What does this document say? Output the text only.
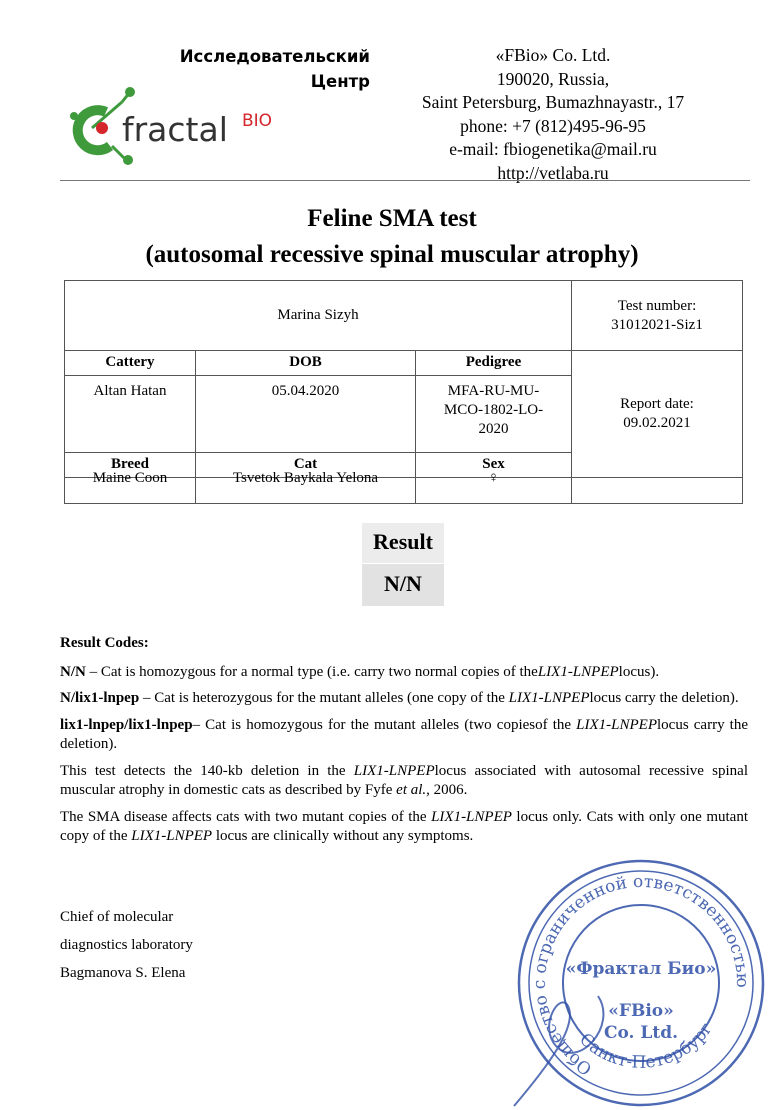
Исследовательский
Центр
fractal BIO
«FBio» Co. Ltd.
190020, Russia,
Saint Petersburg, Bumazhnayastr., 17
phone: +7 (812)495-96-95
e-mail: fbiogenetika@mail.ru
http://vetlaba.ru
Feline SMA test
(autosomal recessive spinal muscular atrophy)
Marina Sizyh			Test number:
31012021-Siz1

Cattery	DOB	Pedigree	Report date:
09.02.2021

Altan Hatan	05.04.2020	MFA-RU-MU-
MCO-1802-LO-
2020	

Breed	Cat	Sex	
Maine Coon	Tsvetok Baykala Yelona	♀	
Result
N/N

Result Codes:

N/N – Cat is homozygous for a normal type (i.e. carry two normal copies of theLIX1-LNPEPlocus).

N/lix1-lnpep – Cat is heterozygous for the mutant alleles (one copy of the LIX1-LNPEPlocus carry the deletion).

lix1-lnpep/lix1-lnpep– Cat is homozygous for the mutant alleles (two copiesof the LIX1-LNPEPlocus carry the deletion).

This test detects the 140-kb deletion in the LIX1-LNPEPlocus associated with autosomal recessive spinal muscular atrophy in domestic cats as described by Fyfe et al., 2006.

The SMA disease affects cats with two mutant copies of the LIX1-LNPEP locus only. Cats with only one mutant copy of the LIX1-LNPEP locus are clinically without any symptoms.

Chief of molecular
diagnostics laboratory
Bagmanova S. Elena
Общество с ограниченной ответственностью
Санкт-Петербург
«Фрактал Био»
«FBio»
Co. Ltd.
